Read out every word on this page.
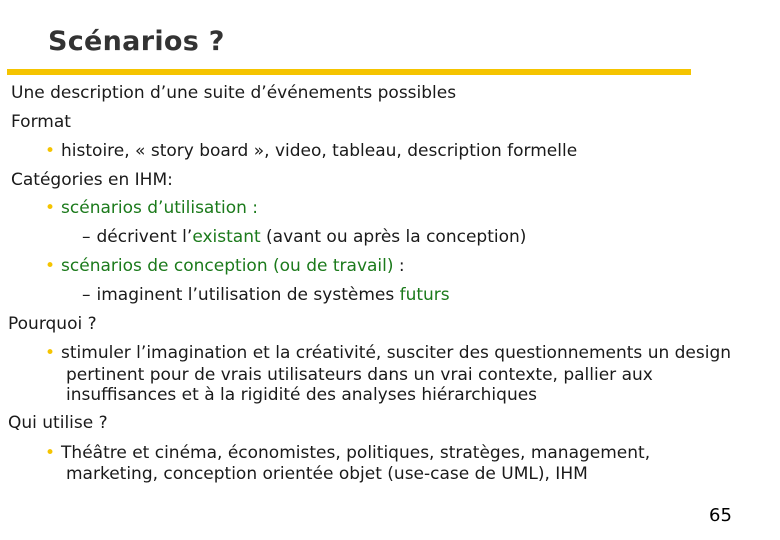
Scénarios ?
Une description d’une suite d’événements possibles
Format
• histoire, « story board », video, tableau, description formelle
Catégories en IHM:
• scénarios d’utilisation :
– décrivent l’existant (avant ou après la conception)
• scénarios de conception (ou de travail) :
– imaginent l’utilisation de systèmes futurs
Pourquoi ?
• stimuler l’imagination et la créativité, susciter des questionnements un design
pertinent pour de vrais utilisateurs dans un vrai contexte, pallier aux
insuffisances et à la rigidité des analyses hiérarchiques
Qui utilise ?
• Théâtre et cinéma, économistes, politiques, stratèges, management,
marketing, conception orientée objet (use-case de UML), IHM
65
